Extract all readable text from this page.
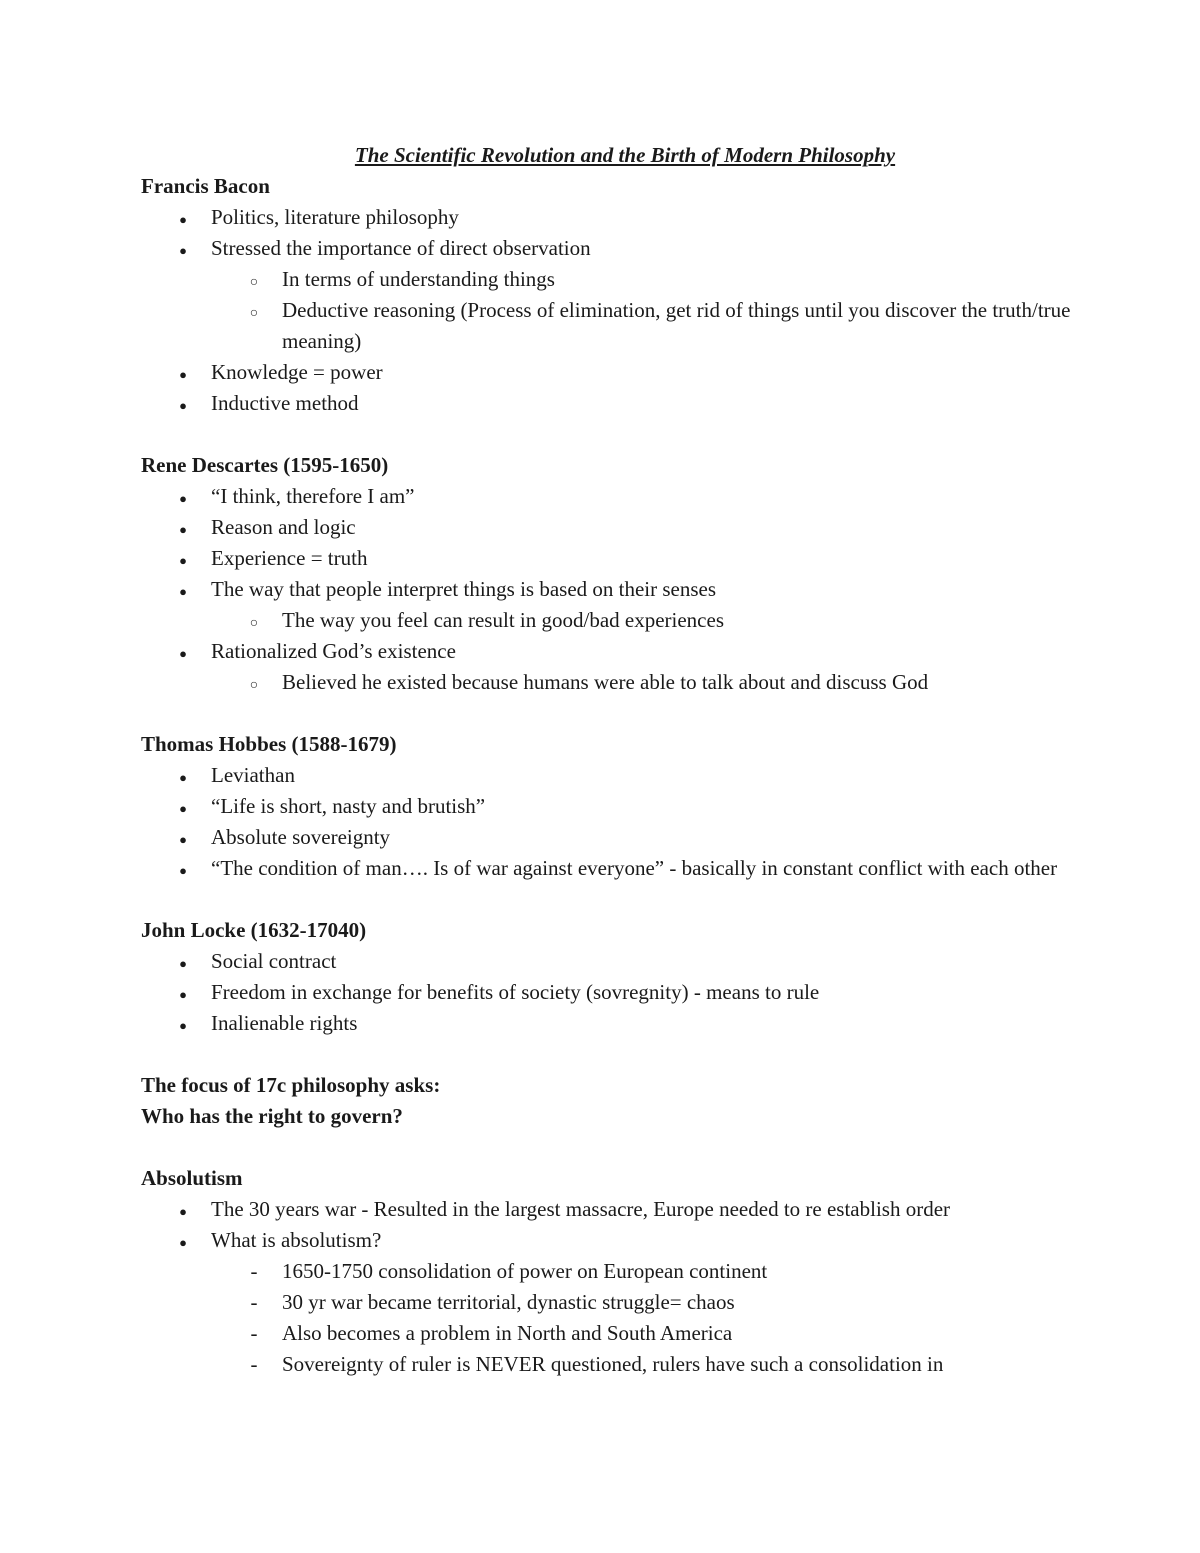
The Scientific Revolution and the Birth of Modern Philosophy

Francis Bacon

●
Politics, literature philosophy
●
Stressed the importance of direct observation
○
In terms of understanding things
○
Deductive reasoning (Process of elimination, get rid of things until you discover the truth/true meaning)
●
Knowledge = power
●
Inductive method

Rene Descartes (1595-1650)

●
“I think, therefore I am”
●
Reason and logic
●
Experience = truth
●
The way that people interpret things is based on their senses
○
The way you feel can result in good/bad experiences
●
Rationalized God’s existence
○
Believed he existed because humans were able to talk about and discuss God

Thomas Hobbes (1588-1679)

●
Leviathan
●
“Life is short, nasty and brutish”
●
Absolute sovereignty
●
“The condition of man…. Is of war against everyone” - basically in constant conflict with each other

John Locke (1632-17040)

●
Social contract
●
Freedom in exchange for benefits of society (sovregnity) - means to rule
●
Inalienable rights

The focus of 17c philosophy asks:

Who has the right to govern?

Absolutism

●
The 30 years war - Resulted in the largest massacre, Europe needed to re establish order
●
What is absolutism?
-
1650-1750 consolidation of power on European continent
-
30 yr war became territorial, dynastic struggle= chaos
-
Also becomes a problem in North and South America
-
Sovereignty of ruler is NEVER questioned, rulers have such a consolidation in
